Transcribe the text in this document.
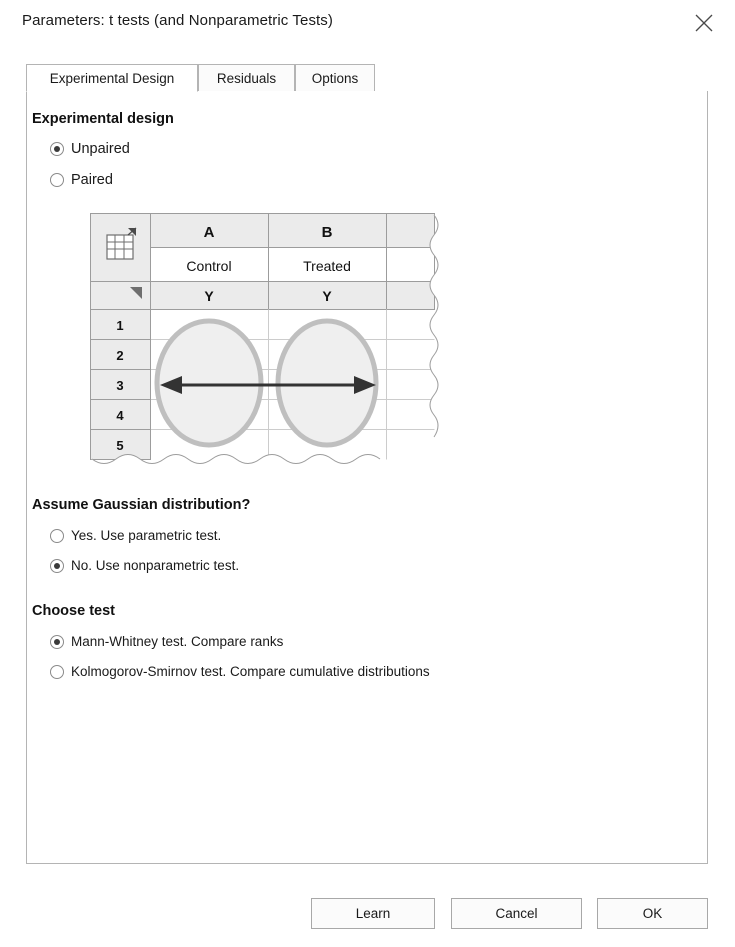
Parameters: t tests (and Nonparametric Tests)
Experimental Design	Residuals	Options
Experimental design
Unpaired
Paired
A	B
Control	Treated
Y	Y
1
2
3
4
5
Assume Gaussian distribution?
Yes. Use parametric test.
No. Use nonparametric test.
Choose test
Mann-Whitney test. Compare ranks
Kolmogorov-Smirnov test. Compare cumulative distributions
Learn	Cancel	OK
